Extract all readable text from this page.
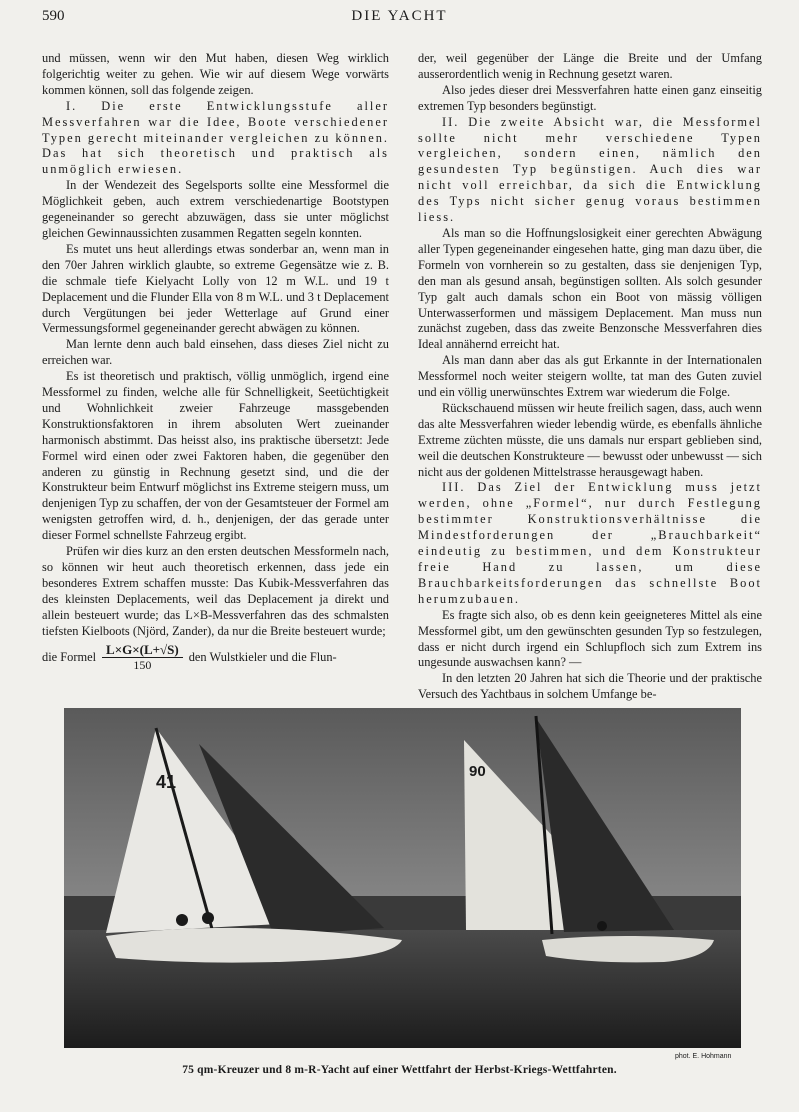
590	DIE YACHT

und müssen, wenn wir den Mut haben, diesen Weg wirklich folgerichtig weiter zu gehen. Wie wir auf diesem Wege vorwärts kommen können, soll das folgende zeigen.

I. Die erste Entwicklungsstufe aller Messverfahren war die Idee, Boote verschiedener Typen gerecht miteinander vergleichen zu können. Das hat sich theoretisch und praktisch als unmöglich erwiesen.

In der Wendezeit des Segelsports sollte eine Messformel die Möglichkeit geben, auch extrem verschiedenartige Bootstypen gegeneinander so gerecht abzuwägen, dass sie unter möglichst gleichen Gewinnaussichten zusammen Regatten segeln konnten.

Es mutet uns heut allerdings etwas sonderbar an, wenn man in den 70er Jahren wirklich glaubte, so extreme Gegensätze wie z. B. die schmale tiefe Kielyacht Lolly von 12 m W.L. und 19 t Deplacement und die Flunder Ella von 8 m W.L. und 3 t Deplacement durch Vergütungen bei jeder Wetterlage auf Grund einer Vermessungsformel gegeneinander gerecht abwägen zu können.

Man lernte denn auch bald einsehen, dass dieses Ziel nicht zu erreichen war.

Es ist theoretisch und praktisch, völlig unmöglich, irgend eine Messformel zu finden, welche alle für Schnelligkeit, Seetüchtigkeit und Wohnlichkeit zweier Fahrzeuge massgebenden Konstruktionsfaktoren in ihrem absoluten Wert zueinander harmonisch abstimmt. Das heisst also, ins praktische übersetzt: Jede Formel wird einen oder zwei Faktoren haben, die gegenüber den anderen zu günstig in Rechnung gesetzt sind, und die der Konstrukteur beim Entwurf möglichst ins Extreme steigern muss, um denjenigen Typ zu schaffen, der von der Gesamtsteuer der Formel am wenigsten getroffen wird, d. h., denjenigen, der das gerade unter dieser Formel schnellste Fahrzeug ergibt.

Prüfen wir dies kurz an den ersten deutschen Messformeln nach, so können wir heut auch theoretisch erkennen, dass jede ein besonderes Extrem schaffen musste: Das Kubik-Messverfahren das des kleinsten Deplacements, weil das Deplacement ja direkt und allein besteuert wurde; das L×B-Messverfahren das des schmalsten tiefsten Kielboots (Njörd, Zander), da nur die Breite besteuert wurde;

die Formel $\frac{L\times G\times(L+√S)}{150}$ den Wulstkieler und die Flun-

der, weil gegenüber der Länge die Breite und der Umfang ausserordentlich wenig in Rechnung gesetzt waren.

Also jedes dieser drei Messverfahren hatte einen ganz einseitig extremen Typ besonders begünstigt.

II. Die zweite Absicht war, die Messformel sollte nicht mehr verschiedene Typen vergleichen, sondern einen, nämlich den gesundesten Typ begünstigen. Auch dies war nicht voll erreichbar, da sich die Entwicklung des Typs nicht sicher genug voraus bestimmen liess.

Als man so die Hoffnungslosigkeit einer gerechten Abwägung aller Typen gegeneinander eingesehen hatte, ging man dazu über, die Formeln von vornherein so zu gestalten, dass sie denjenigen Typ, den man als gesund ansah, begünstigen sollten. Als solch gesunder Typ galt auch damals schon ein Boot von mässig völligen Unterwasserformen und mässigem Deplacement. Man muss nun zunächst zugeben, dass das zweite Benzonsche Messverfahren dies Ideal annähernd erreicht hat.

Als man dann aber das als gut Erkannte in der Internationalen Messformel noch weiter steigern wollte, tat man des Guten zuviel und ein völlig unerwünschtes Extrem war wiederum die Folge.

Rückschauend müssen wir heute freilich sagen, dass, auch wenn das alte Messverfahren wieder lebendig würde, es ebenfalls ähnliche Extreme züchten müsste, die uns damals nur erspart geblieben sind, weil die deutschen Konstrukteure — bewusst oder unbewusst — sich nicht aus der goldenen Mittelstrasse herausgewagt haben.

III. Das Ziel der Entwicklung muss jetzt werden, ohne „Formel“, nur durch Festlegung bestimmter Konstruktionsverhältnisse die Mindestforderungen der „Brauchbarkeit“ eindeutig zu bestimmen, und dem Konstrukteur freie Hand zu lassen, um diese Brauchbarkeitsforderungen das schnellste Boot herumzubauen.

Es fragte sich also, ob es denn kein geeigneteres Mittel als eine Messformel gibt, um den gewünschten gesunden Typ so festzulegen, dass er nicht durch irgend ein Schlupfloch sich zum Extrem ins ungesunde auswachsen kann? —

In den letzten 20 Jahren hat sich die Theorie und der praktische Versuch des Yachtbaus in solchem Umfange be-

41
90
phot. E. Hohmann
75 qm-Kreuzer und 8 m-R-Yacht auf einer Wettfahrt der Herbst-Kriegs-Wettfahrten.
